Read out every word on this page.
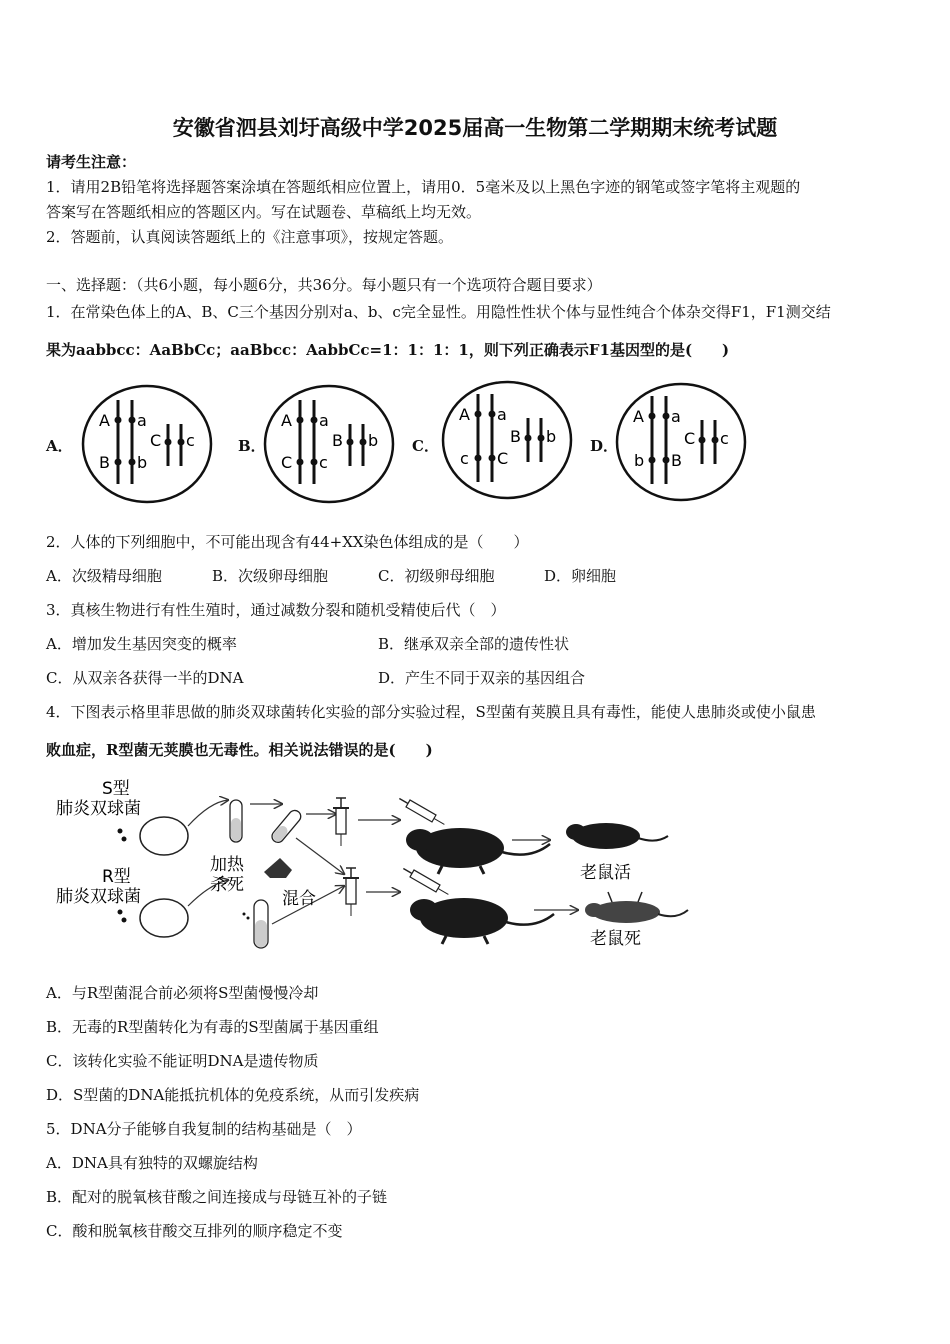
安徽省泗县刘圩高级中学2025届高一生物第二学期期末统考试题
请考生注意：
1．请用2B铅笔将选择题答案涂填在答题纸相应位置上，请用0．5毫米及以上黑色字迹的钢笔或签字笔将主观题的
答案写在答题纸相应的答题区内。写在试题卷、草稿纸上均无效。
2．答题前，认真阅读答题纸上的《注意事项》，按规定答题。
一、选择题：（共6小题，每小题6分，共36分。每小题只有一个选项符合题目要求）
1．在常染色体上的A、B、C三个基因分别对a、b、c完全显性。用隐性性状个体与显性纯合个体杂交得F1，F1测交结
果为aabbcc：AaBbCc；aaBbcc：AabbCc=1：1：1：1，则下列正确表示F1基因型的是(　　)
A．	B．	C．	D．
A a
B b
C c
A a
C c
B b
A a
c C
B b
A a
b B
C c
2．人体的下列细胞中，不可能出现含有44+XX染色体组成的是（　　）
A．次级精母细胞	B．次级卵母细胞	C．初级卵母细胞	D．卵细胞
3．真核生物进行有性生殖时，通过减数分裂和随机受精使后代（　）
A．增加发生基因突变的概率	B．继承双亲全部的遗传性状
C．从双亲各获得一半的DNA	D．产生不同于双亲的基因组合
4．下图表示格里菲思做的肺炎双球菌转化实验的部分实验过程，S型菌有荚膜且具有毒性，能使人患肺炎或使小鼠患
败血症，R型菌无荚膜也无毒性。相关说法错误的是(　　)
S型
肺炎双球菌
R型
肺炎双球菌
加热
杀死
混合
老鼠活
老鼠死
A．与R型菌混合前必须将S型菌慢慢冷却
B．无毒的R型菌转化为有毒的S型菌属于基因重组
C．该转化实验不能证明DNA是遗传物质
D．S型菌的DNA能抵抗机体的免疫系统，从而引发疾病
5．DNA分子能够自我复制的结构基础是（　）
A．DNA具有独特的双螺旋结构
B．配对的脱氧核苷酸之间连接成与母链互补的子链
C．酸和脱氧核苷酸交互排列的顺序稳定不变
